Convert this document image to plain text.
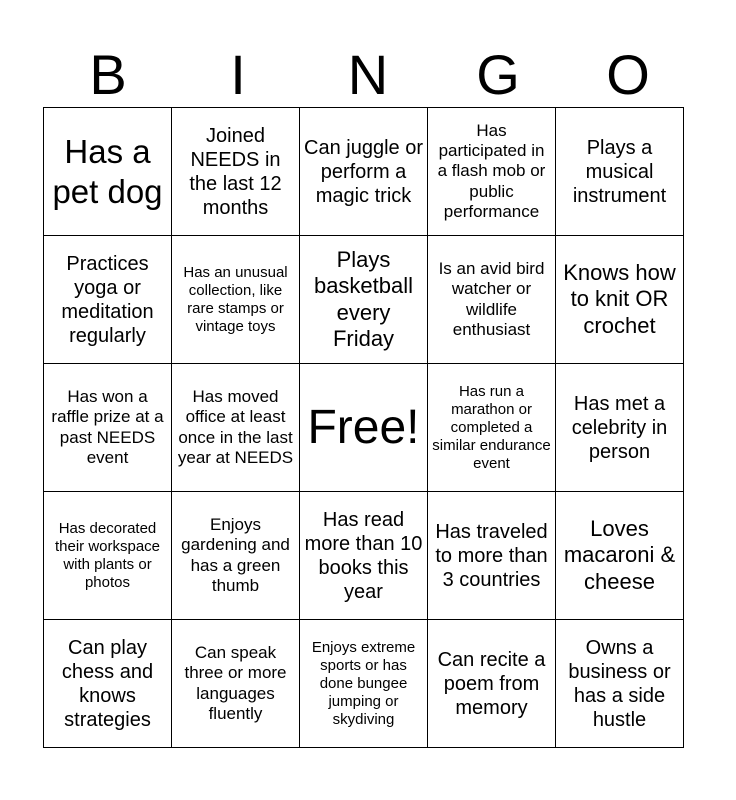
B	I	N	G	O
Has a pet dog	Joined NEEDS in the last 12 months	Can juggle or perform a magic trick	Has participated in a flash mob or public performance	Plays a musical instrument
Practices yoga or meditation regularly	Has an unusual collection, like rare stamps or vintage toys	Plays basketball every Friday	Is an avid bird watcher or wildlife enthusiast	Knows how to knit OR crochet
Has won a raffle prize at a past NEEDS event	Has moved office at least once in the last year at NEEDS	Free!	Has run a marathon or completed a similar endurance event	Has met a celebrity in person
Has decorated their workspace with plants or photos	Enjoys gardening and has a green thumb	Has read more than 10 books this year	Has traveled to more than 3 countries	Loves macaroni & cheese
Can play chess and knows strategies	Can speak three or more languages fluently	Enjoys extreme sports or has done bungee jumping or skydiving	Can recite a poem from memory	Owns a business or has a side hustle
